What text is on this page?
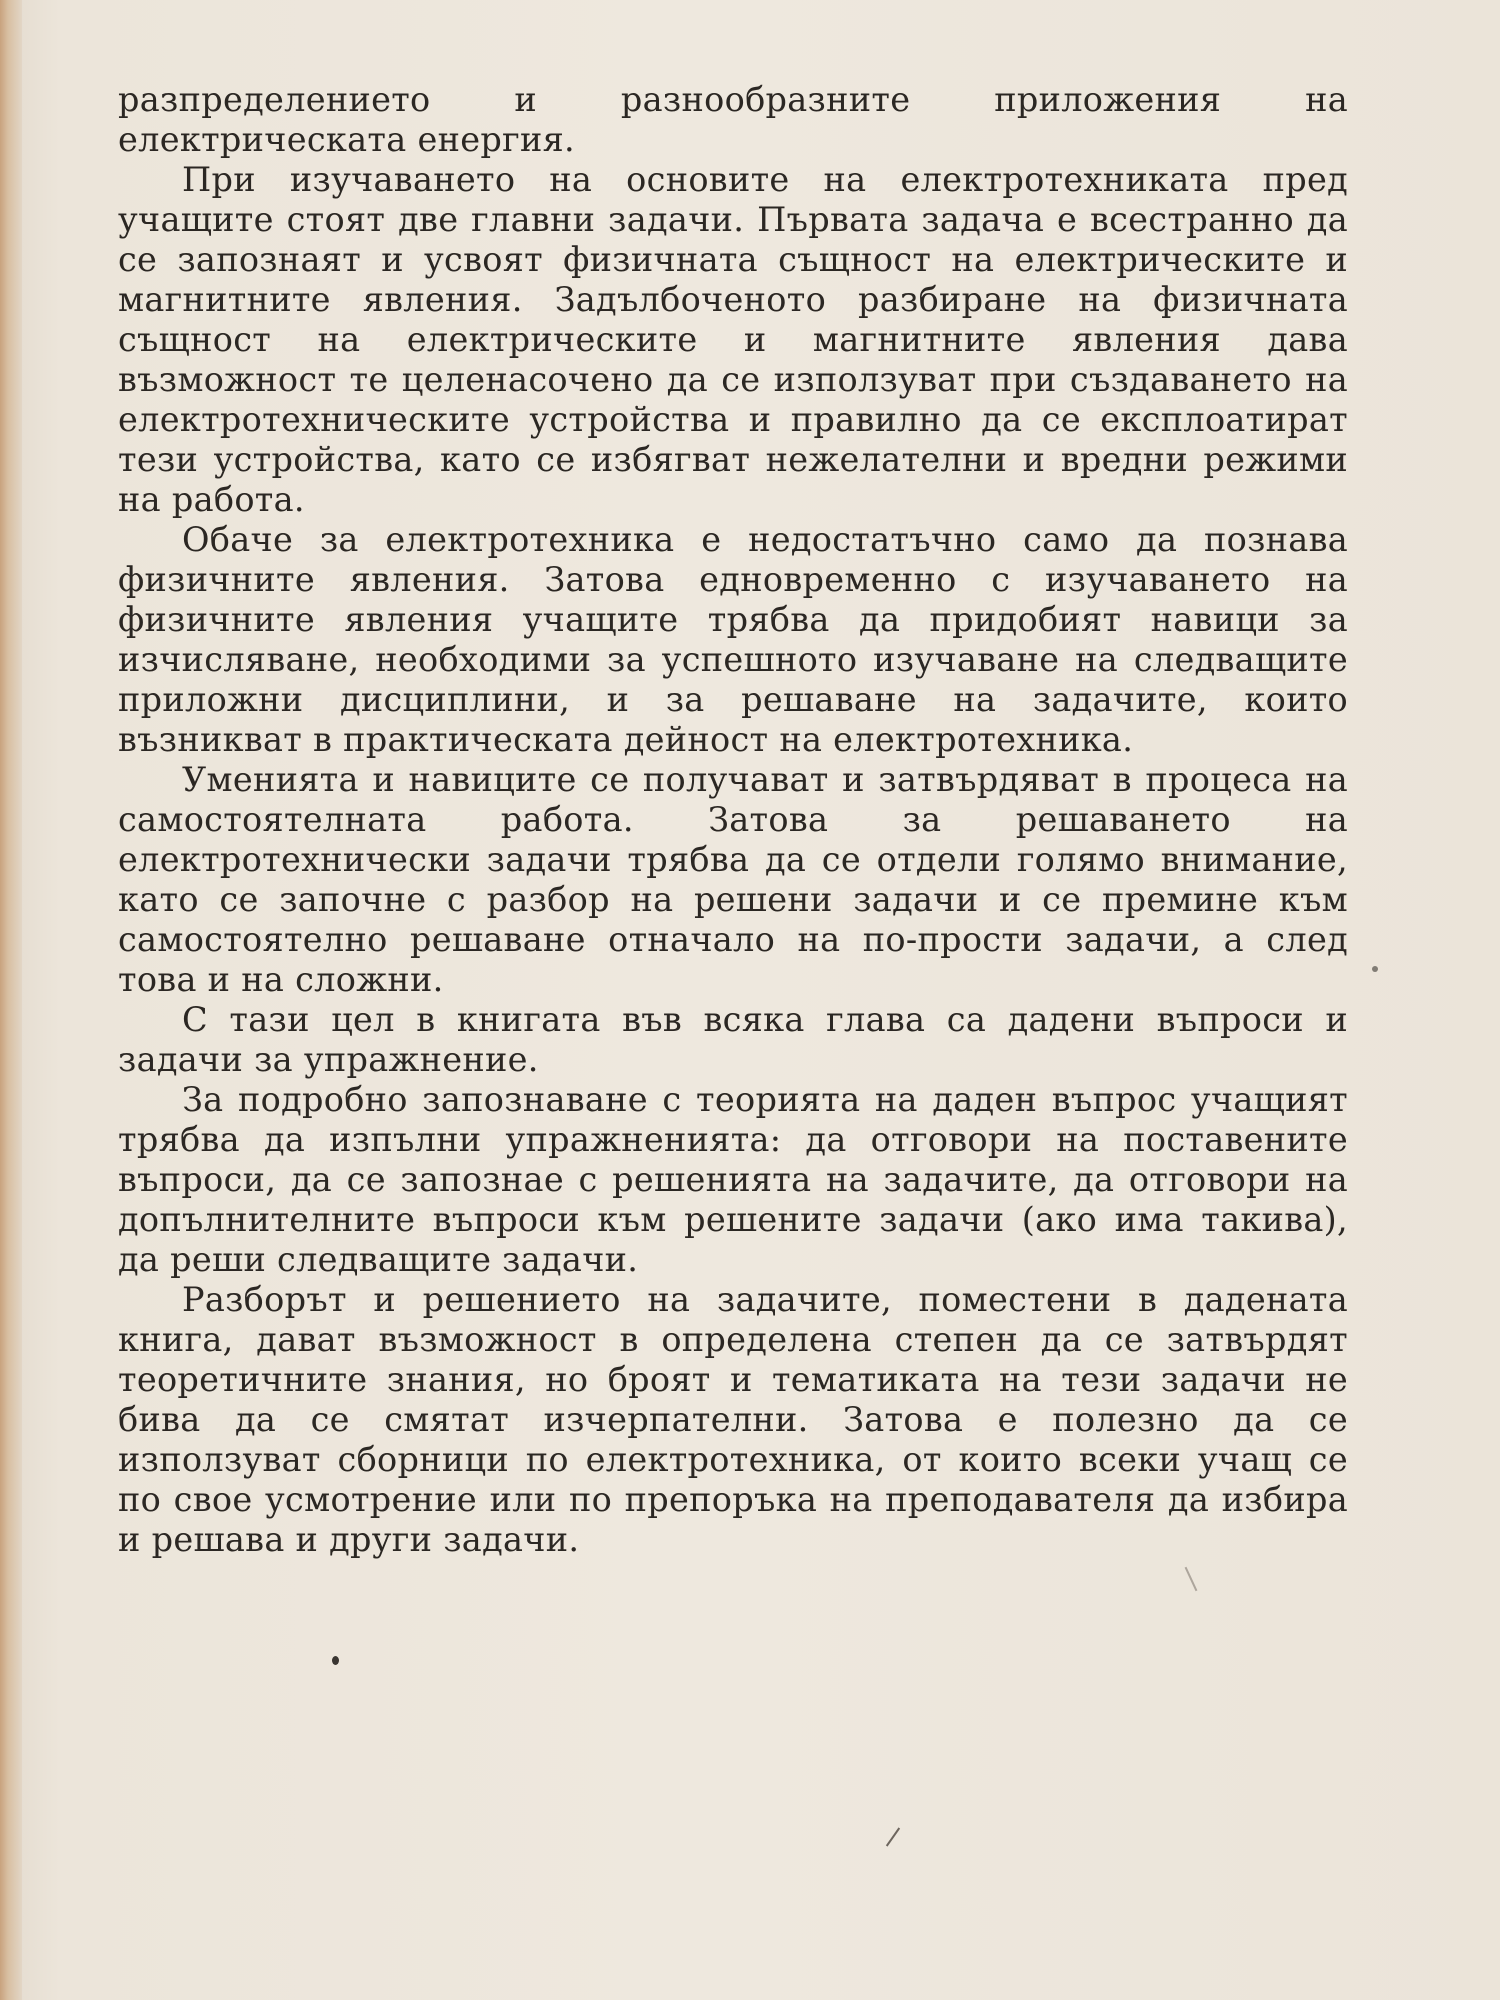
разпределението и разнообразните приложения на електрическата енергия.

При изучаването на основите на електротехниката пред учащите стоят две главни задачи. Първата задача е всестранно да се запознаят и усвоят физичната същност на електрическите и магнитните явления. Задълбоченото разбиране на физичната същност на електрическите и магнитните явления дава възможност те целенасочено да се използуват при създаването на електротехническите устройства и правилно да се експлоатират тези устройства, като се избягват нежелателни и вредни режими на работа.

Обаче за електротехника е недостатъчно само да познава физичните явления. Затова едновременно с изучаването на физичните явления учащите трябва да придобият навици за изчисляване, необходими за успешното изучаване на следващите приложни дисциплини, и за решаване на задачите, които възникват в практическата дейност на електротехника.

Уменията и навиците се получават и затвърдяват в процеса на самостоятелната работа. Затова за решаването на електротехнически задачи трябва да се отдели голямо внимание, като се започне с разбор на решени задачи и се премине към самостоятелно решаване отначало на по-прости задачи, а след това и на сложни.

С тази цел в книгата във всяка глава са дадени въпроси и задачи за упражнение.

За подробно запознаване с теорията на даден въпрос учащият трябва да изпълни упражненията: да отговори на поставените въпроси, да се запознае с решенията на задачите, да отговори на допълнителните въпроси към решените задачи (ако има такива), да реши следващите задачи.

Разборът и решението на задачите, поместени в дадената книга, дават възможност в определена степен да се затвърдят теоретичните знания, но броят и тематиката на тези задачи не бива да се смятат изчерпателни. Затова е полезно да се използуват сборници по електротехника, от които всеки учащ се по свое усмотрение или по препоръка на преподавателя да избира и решава и други задачи.
